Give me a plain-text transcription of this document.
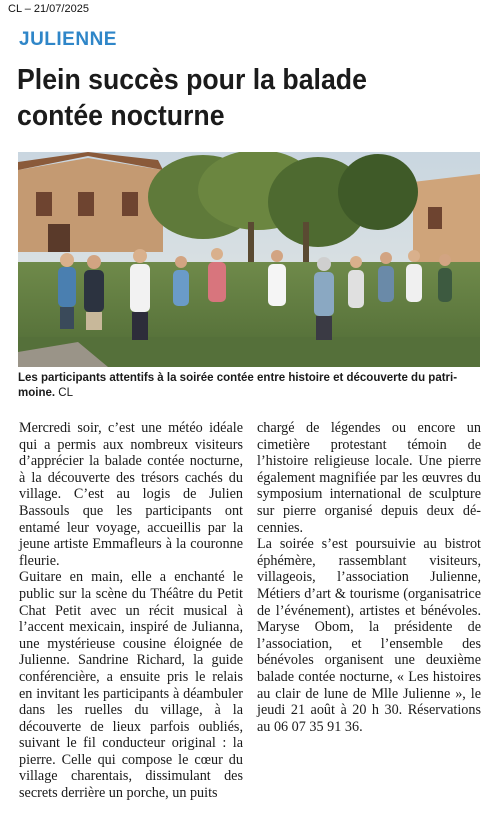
CL – 21/07/2025
JULIENNE
Plein succès pour la balade contée nocturne
Les participants attentifs à la soirée contée entre histoire et découverte du patrimoine. CL

Mercredi soir, c’est une météo idéale qui a permis aux nombreux visiteurs d’apprécier la balade contée nocturne, à la découverte des trésors cachés du village. C’est au logis de Julien Bassouls que les participants ont entamé leur voyage, accueillis par la jeune artiste Emmafleurs à la couronne fleurie.

Guitare en main, elle a enchanté le public sur la scène du Théâtre du Petit Chat Petit avec un récit musical à l’accent mexicain, inspiré de Julianna, une mystérieuse cousine éloignée de Julienne. Sandrine Richard, la guide conférencière, a ensuite pris le relais en invitant les participants à déambuler dans les ruelles du village, à la découverte de lieux parfois oubliés, suivant le fil conducteur original : la pierre. Celle qui compose le cœur du village charentais, dissimulant des secrets derrière un porche, un puits

chargé de légendes ou encore un cimetière protestant témoin de l’histoire religieuse locale. Une pierre également magnifiée par les œuvres du symposium international de sculpture sur pierre organisé depuis deux décennies.

La soirée s’est poursuivie au bistrot éphémère, rassemblant visiteurs, villageois, l’association Julienne, Métiers d’art & tourisme (organisatrice de l’événement), artistes et bénévoles. Maryse Obom, la présidente de l’association, et l’ensemble des bénévoles organisent une deuxième balade contée nocturne, « Les histoires au clair de lune de Mlle Julienne », le jeudi 21 août à 20 h 30. Réservations au 06 07 35 91 36.
